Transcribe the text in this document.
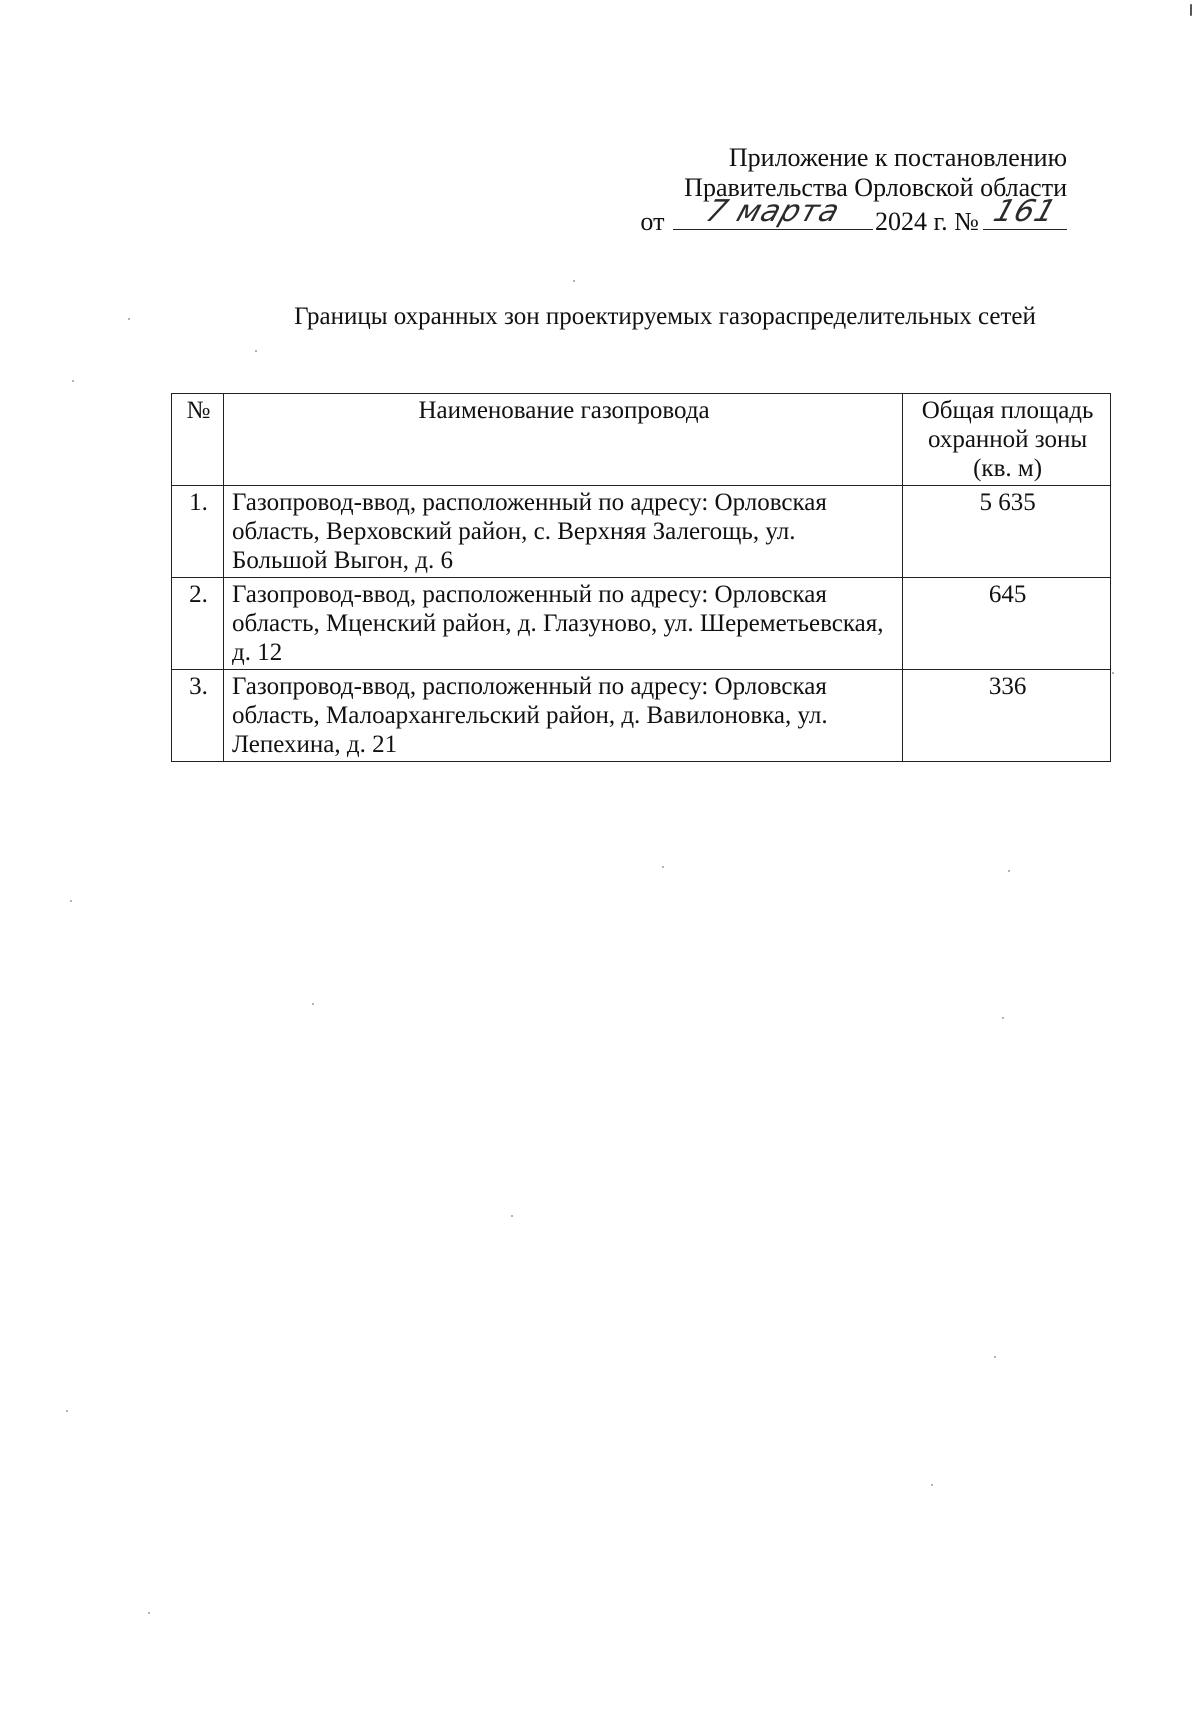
Приложение к постановлению
Правительства Орловской области
от	7 марта	2024 г. № 161
Границы охранных зон проектируемых газораспределительных сетей
№	Наименование газопровода	Общая площадь охранной зоны (кв. м)
1.	Газопровод-ввод, расположенный по адресу: Орловская область, Верховский район, с. Верхняя Залегощь, ул. Большой Выгон, д. 6	5 635
2.	Газопровод-ввод, расположенный по адресу: Орловская область, Мценский район, д. Глазуново, ул. Шереметьевская, д. 12	645
3.	Газопровод-ввод, расположенный по адресу: Орловская область, Малоархангельский район, д. Вавилоновка, ул. Лепехина, д. 21	336
